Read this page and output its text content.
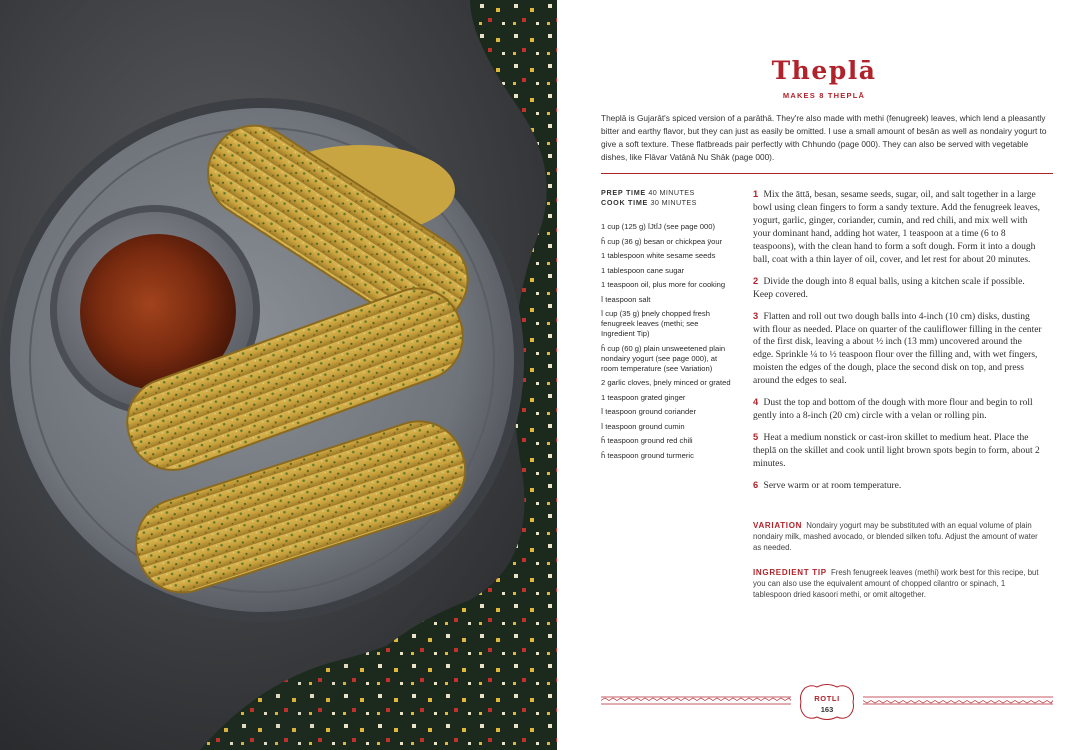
Theplā
MAKES 8 THEPLĀ

Theplā is Gujarāt's spiced version of a parāthā. They're also made with methi (fenugreek) leaves, which lend a pleasantly bitter and earthy flavor, but they can just as easily be omitted. I use a small amount of besān as well as nondairy yogurt to give a soft texture. These flatbreads pair perfectly with Chhundo (page 000). They can also be served with vegetable dishes, like Flāvar Vatānā Nu Shāk (page 000).

PREP TIME 40 MINUTES
COOK TIME 30 MINUTES
1 cup (125 g) ÏJtÏJ (see page 000)
ĥ cup (36 g) besan or chickpea ÿour
1 tablespoon white sesame seeds
1 tablespoon cane sugar
1 teaspoon oil, plus more for cooking
Ï teaspoon salt
Ï cup (35 g) þnely chopped fresh fenugreek leaves (methi; see Ingredient Tip)
ĥ cup (60 g) plain unsweetened plain nondairy yogurt (see page 000), at room temperature (see Variation)
2 garlic cloves, þnely minced or grated
1 teaspoon grated ginger
Ï teaspoon ground coriander
Ï teaspoon ground cumin
ĥ teaspoon ground red chili
ĥ teaspoon ground turmeric
1 Mix the āttā, besan, sesame seeds, sugar, oil, and salt together in a large bowl using clean fingers to form a sandy texture. Add the fenugreek leaves, yogurt, garlic, ginger, coriander, cumin, and red chili, and mix well with your dominant hand, adding hot water, 1 teaspoon at a time (6 to 8 teaspoons), with the clean hand to form a soft dough. Form it into a dough ball, coat with a thin layer of oil, cover, and let rest for about 20 minutes.
2 Divide the dough into 8 equal balls, using a kitchen scale if possible. Keep covered.
3 Flatten and roll out two dough balls into 4-inch (10 cm) disks, dusting with flour as needed. Place on quarter of the cauliflower filling in the center of the first disk, leaving a about ½ inch (13 mm) uncovered around the edge. Sprinkle ¼ to ½ teaspoon flour over the filling and, with wet fingers, moisten the edges of the dough, place the second disk on top, and press around the edges to seal.
4 Dust the top and bottom of the dough with more flour and begin to roll gently into a 8-inch (20 cm) circle with a velan or rolling pin.
5 Heat a medium nonstick or cast-iron skillet to medium heat. Place the theplā on the skillet and cook until light brown spots begin to form, about 2 minutes.
6 Serve warm or at room temperature.

VARIATION Nondairy yogurt may be substituted with an equal volume of plain nondairy milk, mashed avocado, or blended silken tofu. Adjust the amount of water as needed.

INGREDIENT TIP Fresh fenugreek leaves (methi) work best for this recipe, but you can also use the equivalent amount of chopped cilantro or spinach, 1 tablespoon dried kasoori methi, or omit altogether.

ROTLI
163
